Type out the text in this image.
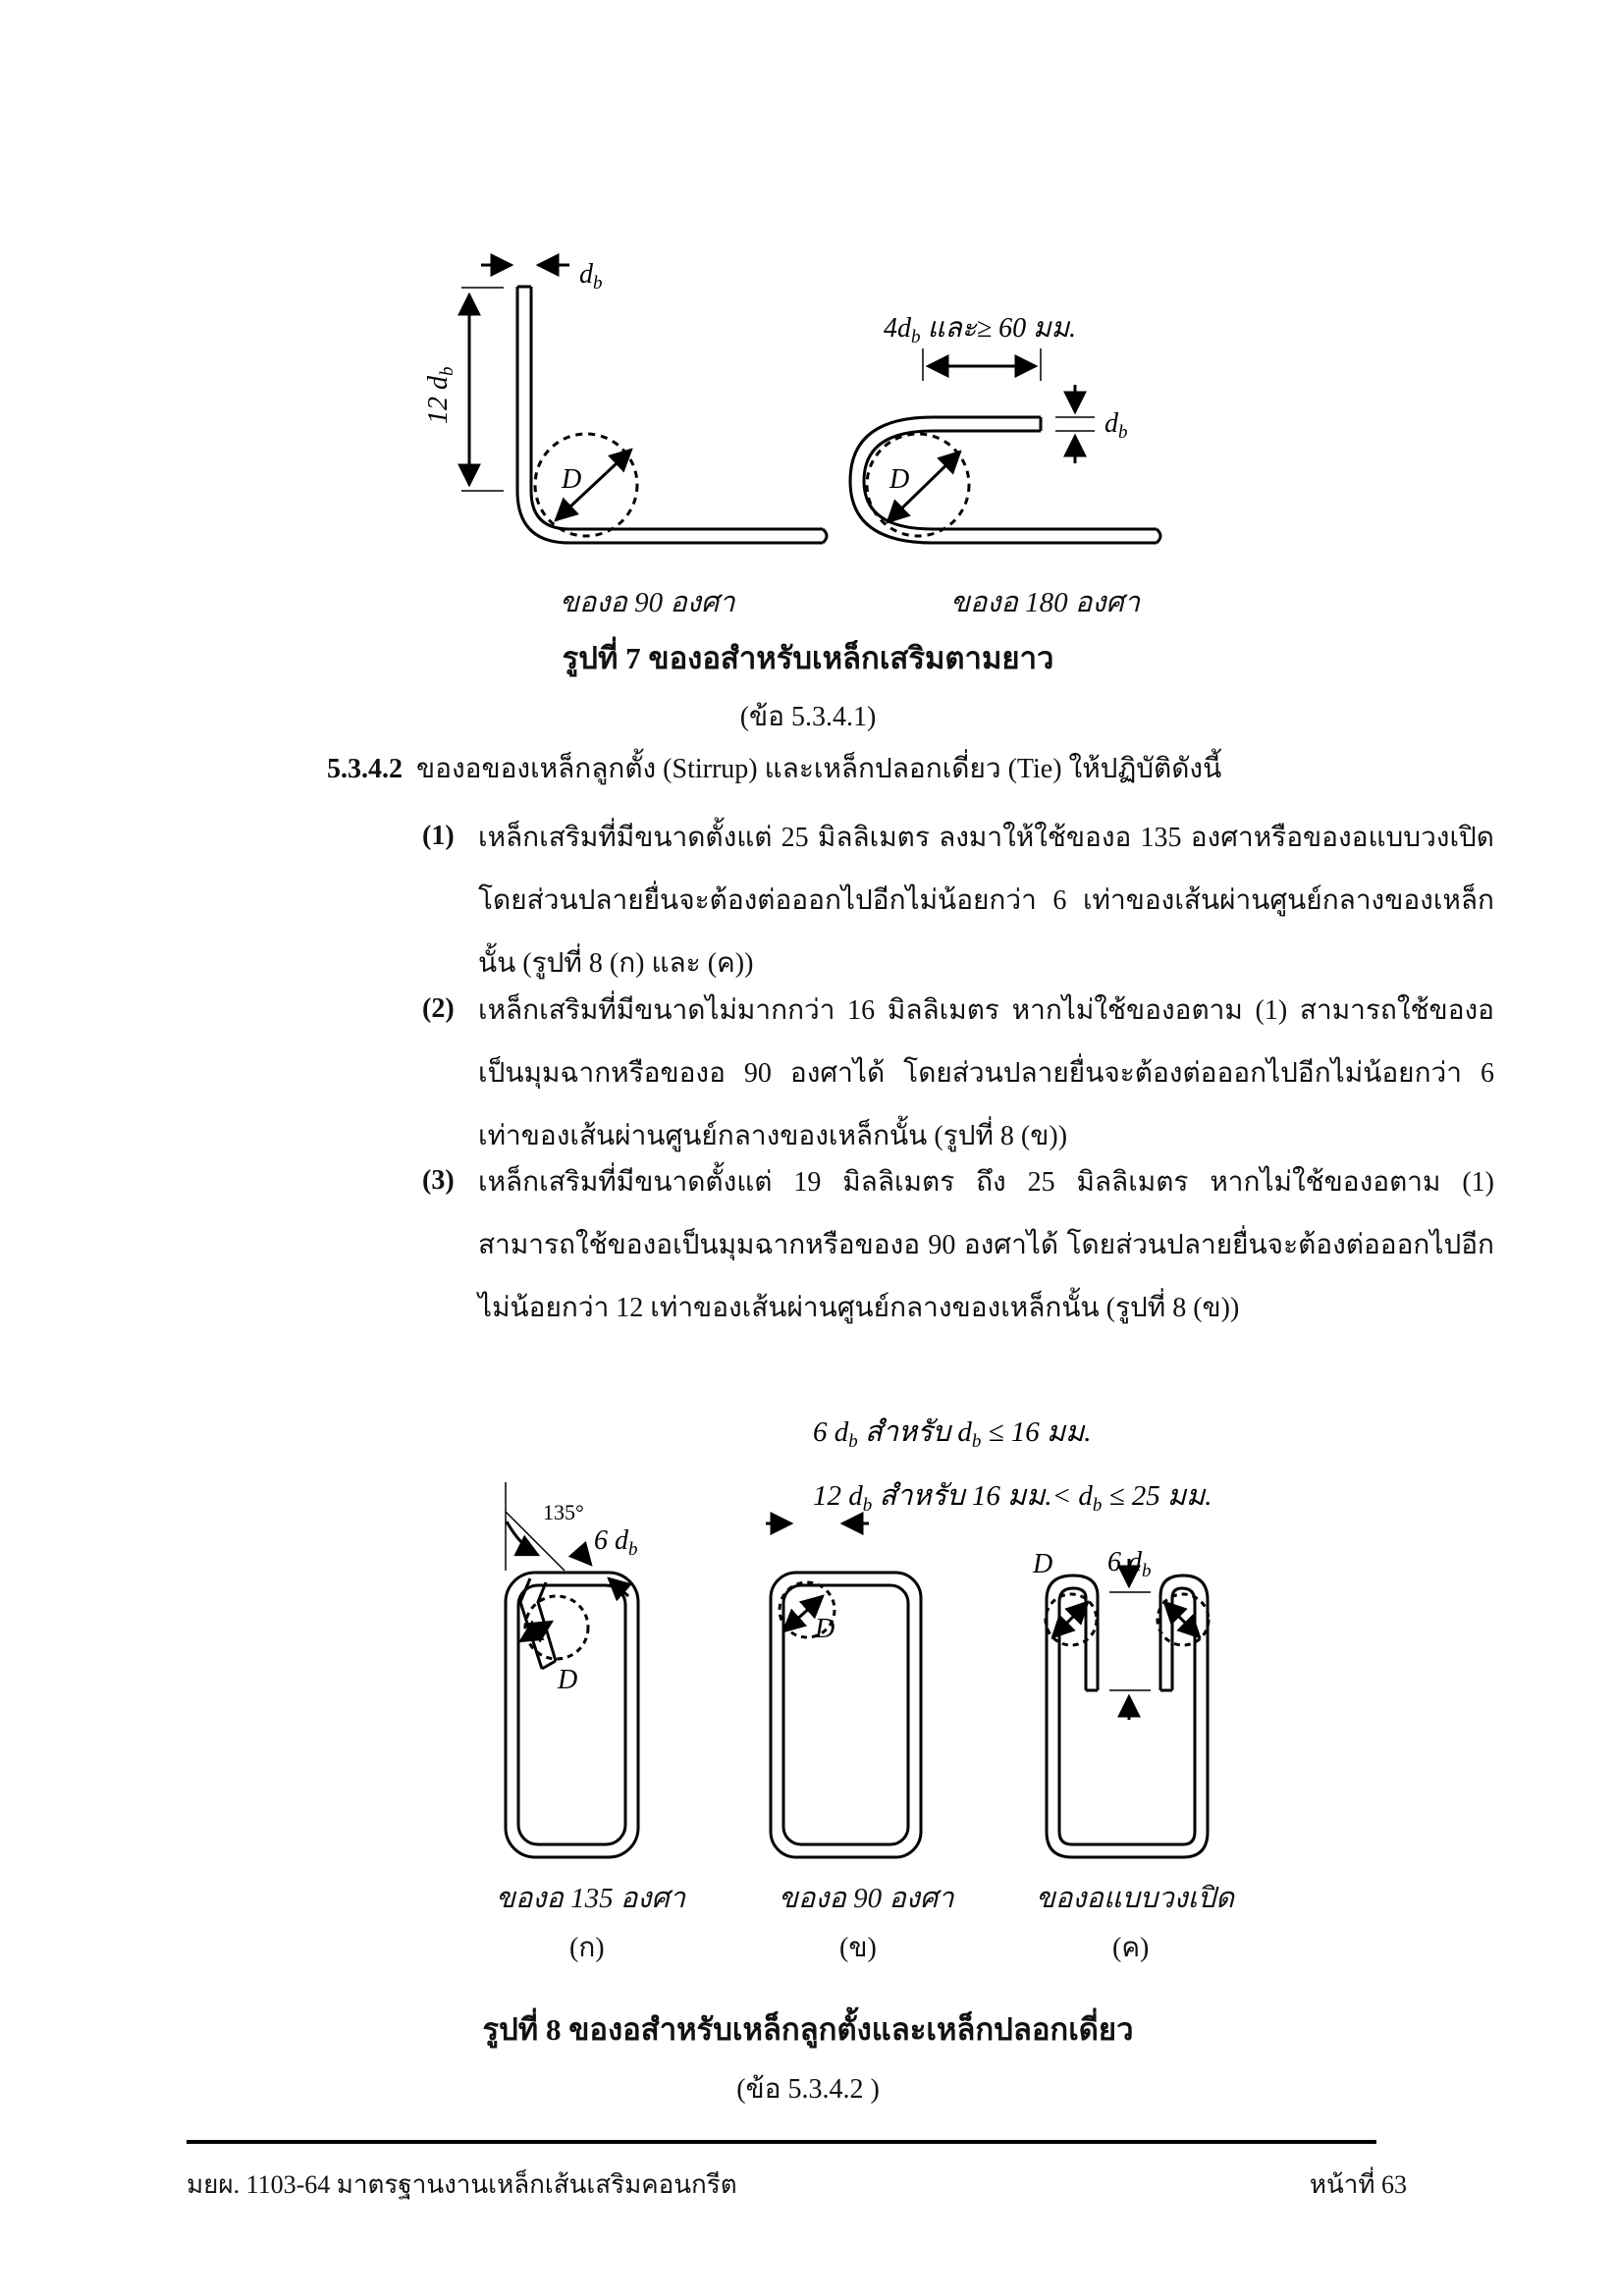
$d_b$
12 $d_b$
D	D
$4d_b$ และ≥ 60 มม.
$d_b$
ของอ 90 องศา	ของอ 180 องศา
รูปที่ 7 ของอสำหรับเหล็กเสริมตามยาว
(ข้อ 5.3.4.1)
5.3.4.2 ของอของเหล็กลูกตั้ง (Stirrup) และเหล็กปลอกเดี่ยว (Tie) ให้ปฏิบัติดังนี้
(1) เหล็กเสริมที่มีขนาดตั้งแต่ 25 มิลลิเมตร ลงมาให้ใช้ของอ 135 องศาหรือของอแบบวงเปิด โดยส่วนปลายยื่นจะต้องต่อออกไปอีกไม่น้อยกว่า 6 เท่าของเส้นผ่านศูนย์กลางของเหล็กนั้น (รูปที่ 8 (ก) และ (ค))
(2) เหล็กเสริมที่มีขนาดไม่มากกว่า 16 มิลลิเมตร หากไม่ใช้ของอตาม (1) สามารถใช้ของอเป็นมุมฉากหรือของอ 90 องศาได้ โดยส่วนปลายยื่นจะต้องต่อออกไปอีกไม่น้อยกว่า 6 เท่าของเส้นผ่านศูนย์กลางของเหล็กนั้น (รูปที่ 8 (ข))
(3) เหล็กเสริมที่มีขนาดตั้งแต่ 19 มิลลิเมตร ถึง 25 มิลลิเมตร หากไม่ใช้ของอตาม (1) สามารถใช้ของอเป็นมุมฉากหรือของอ 90 องศาได้ โดยส่วนปลายยื่นจะต้องต่อออกไปอีกไม่น้อยกว่า 12 เท่าของเส้นผ่านศูนย์กลางของเหล็กนั้น (รูปที่ 8 (ข))
6 $d_b$ สำหรับ $d_b \le 16$ มม.
12 $d_b$ สำหรับ 16 มม.< $d_b \le 25$ มม.
135°
6 $d_b$
D
D
D 6 $d_b$
ของอ 135 องศา	ของอ 90 องศา	ของอแบบวงเปิด
(ก)	(ข)	(ค)
รูปที่ 8 ของอสำหรับเหล็กลูกตั้งและเหล็กปลอกเดี่ยว
(ข้อ 5.3.4.2 )
มยผ. 1103-64 มาตรฐานงานเหล็กเส้นเสริมคอนกรีต	หน้าที่ 63
